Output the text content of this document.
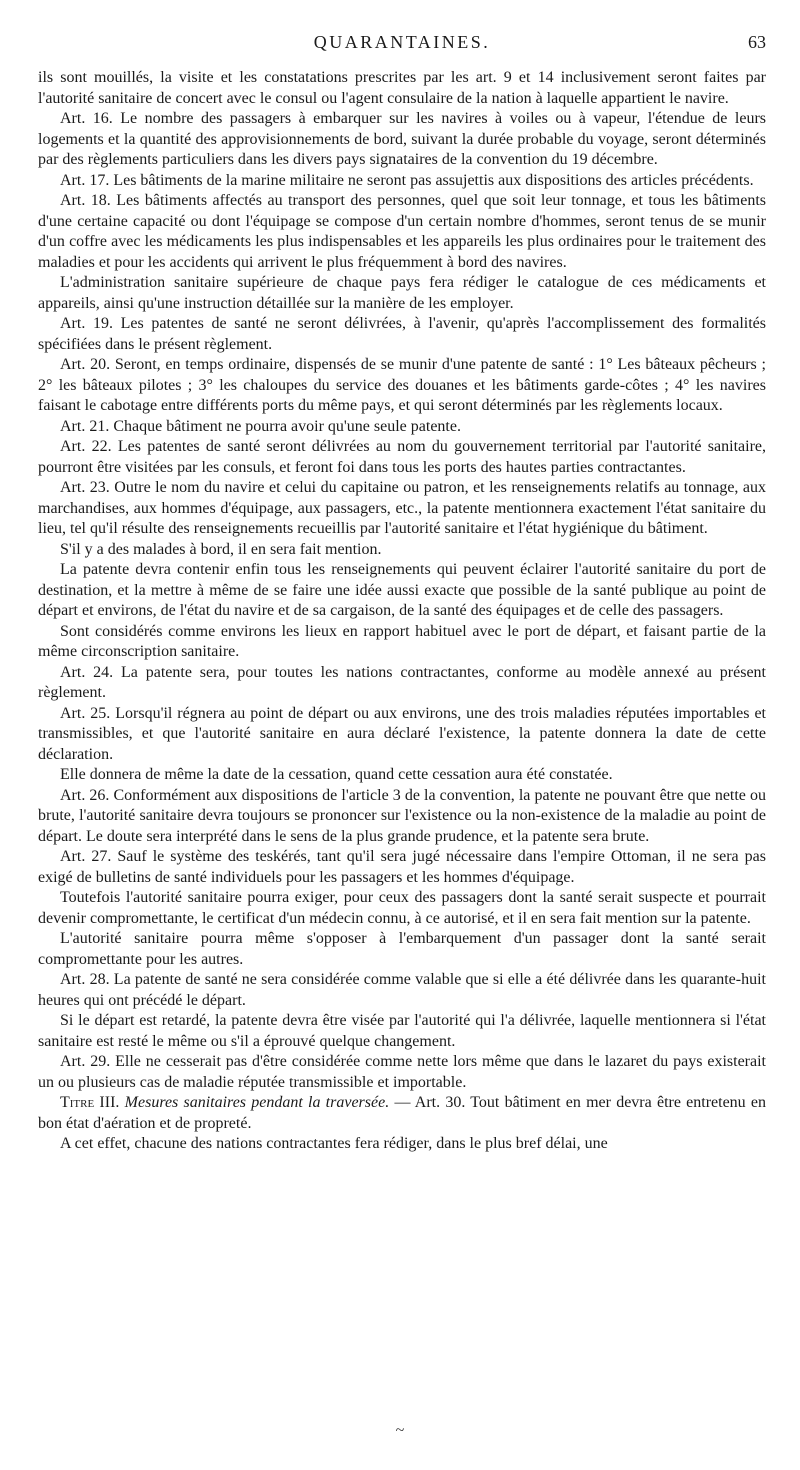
QUARANTAINES.	63

ils sont mouillés, la visite et les constatations prescrites par les art. 9 et 14 inclusivement seront faites par l'autorité sanitaire de concert avec le consul ou l'agent consulaire de la nation à laquelle appartient le navire.

Art. 16. Le nombre des passagers à embarquer sur les navires à voiles ou à vapeur, l'étendue de leurs logements et la quantité des approvisionnements de bord, suivant la durée probable du voyage, seront déterminés par des règlements particuliers dans les divers pays signataires de la convention du 19 décembre.

Art. 17. Les bâtiments de la marine militaire ne seront pas assujettis aux dispositions des articles précédents.

Art. 18. Les bâtiments affectés au transport des personnes, quel que soit leur tonnage, et tous les bâtiments d'une certaine capacité ou dont l'équipage se compose d'un certain nombre d'hommes, seront tenus de se munir d'un coffre avec les médicaments les plus indispensables et les appareils les plus ordinaires pour le traitement des maladies et pour les accidents qui arrivent le plus fréquemment à bord des navires.

L'administration sanitaire supérieure de chaque pays fera rédiger le catalogue de ces médicaments et appareils, ainsi qu'une instruction détaillée sur la manière de les employer.

Art. 19. Les patentes de santé ne seront délivrées, à l'avenir, qu'après l'accomplissement des formalités spécifiées dans le présent règlement.

Art. 20. Seront, en temps ordinaire, dispensés de se munir d'une patente de santé : 1° Les bâteaux pêcheurs ; 2° les bâteaux pilotes ; 3° les chaloupes du service des douanes et les bâtiments garde-côtes ; 4° les navires faisant le cabotage entre différents ports du même pays, et qui seront déterminés par les règlements locaux.

Art. 21. Chaque bâtiment ne pourra avoir qu'une seule patente.

Art. 22. Les patentes de santé seront délivrées au nom du gouvernement territorial par l'autorité sanitaire, pourront être visitées par les consuls, et feront foi dans tous les ports des hautes parties contractantes.

Art. 23. Outre le nom du navire et celui du capitaine ou patron, et les renseignements relatifs au tonnage, aux marchandises, aux hommes d'équipage, aux passagers, etc., la patente mentionnera exactement l'état sanitaire du lieu, tel qu'il résulte des renseignements recueillis par l'autorité sanitaire et l'état hygiénique du bâtiment.

S'il y a des malades à bord, il en sera fait mention.

La patente devra contenir enfin tous les renseignements qui peuvent éclairer l'autorité sanitaire du port de destination, et la mettre à même de se faire une idée aussi exacte que possible de la santé publique au point de départ et environs, de l'état du navire et de sa cargaison, de la santé des équipages et de celle des passagers.

Sont considérés comme environs les lieux en rapport habituel avec le port de départ, et faisant partie de la même circonscription sanitaire.

Art. 24. La patente sera, pour toutes les nations contractantes, conforme au modèle annexé au présent règlement.

Art. 25. Lorsqu'il régnera au point de départ ou aux environs, une des trois maladies réputées importables et transmissibles, et que l'autorité sanitaire en aura déclaré l'existence, la patente donnera la date de cette déclaration.

Elle donnera de même la date de la cessation, quand cette cessation aura été constatée.

Art. 26. Conformément aux dispositions de l'article 3 de la convention, la patente ne pouvant être que nette ou brute, l'autorité sanitaire devra toujours se prononcer sur l'existence ou la non-existence de la maladie au point de départ. Le doute sera interprété dans le sens de la plus grande prudence, et la patente sera brute.

Art. 27. Sauf le système des teskérés, tant qu'il sera jugé nécessaire dans l'empire Ottoman, il ne sera pas exigé de bulletins de santé individuels pour les passagers et les hommes d'équipage.

Toutefois l'autorité sanitaire pourra exiger, pour ceux des passagers dont la santé serait suspecte et pourrait devenir compromettante, le certificat d'un médecin connu, à ce autorisé, et il en sera fait mention sur la patente.

L'autorité sanitaire pourra même s'opposer à l'embarquement d'un passager dont la santé serait compromettante pour les autres.

Art. 28. La patente de santé ne sera considérée comme valable que si elle a été délivrée dans les quarante-huit heures qui ont précédé le départ.

Si le départ est retardé, la patente devra être visée par l'autorité qui l'a délivrée, laquelle mentionnera si l'état sanitaire est resté le même ou s'il a éprouvé quelque changement.

Art. 29. Elle ne cesserait pas d'être considérée comme nette lors même que dans le lazaret du pays existerait un ou plusieurs cas de maladie réputée transmissible et importable.

Titre III. Mesures sanitaires pendant la traversée. — Art. 30. Tout bâtiment en mer devra être entretenu en bon état d'aération et de propreté.

A cet effet, chacune des nations contractantes fera rédiger, dans le plus bref délai, une

~
